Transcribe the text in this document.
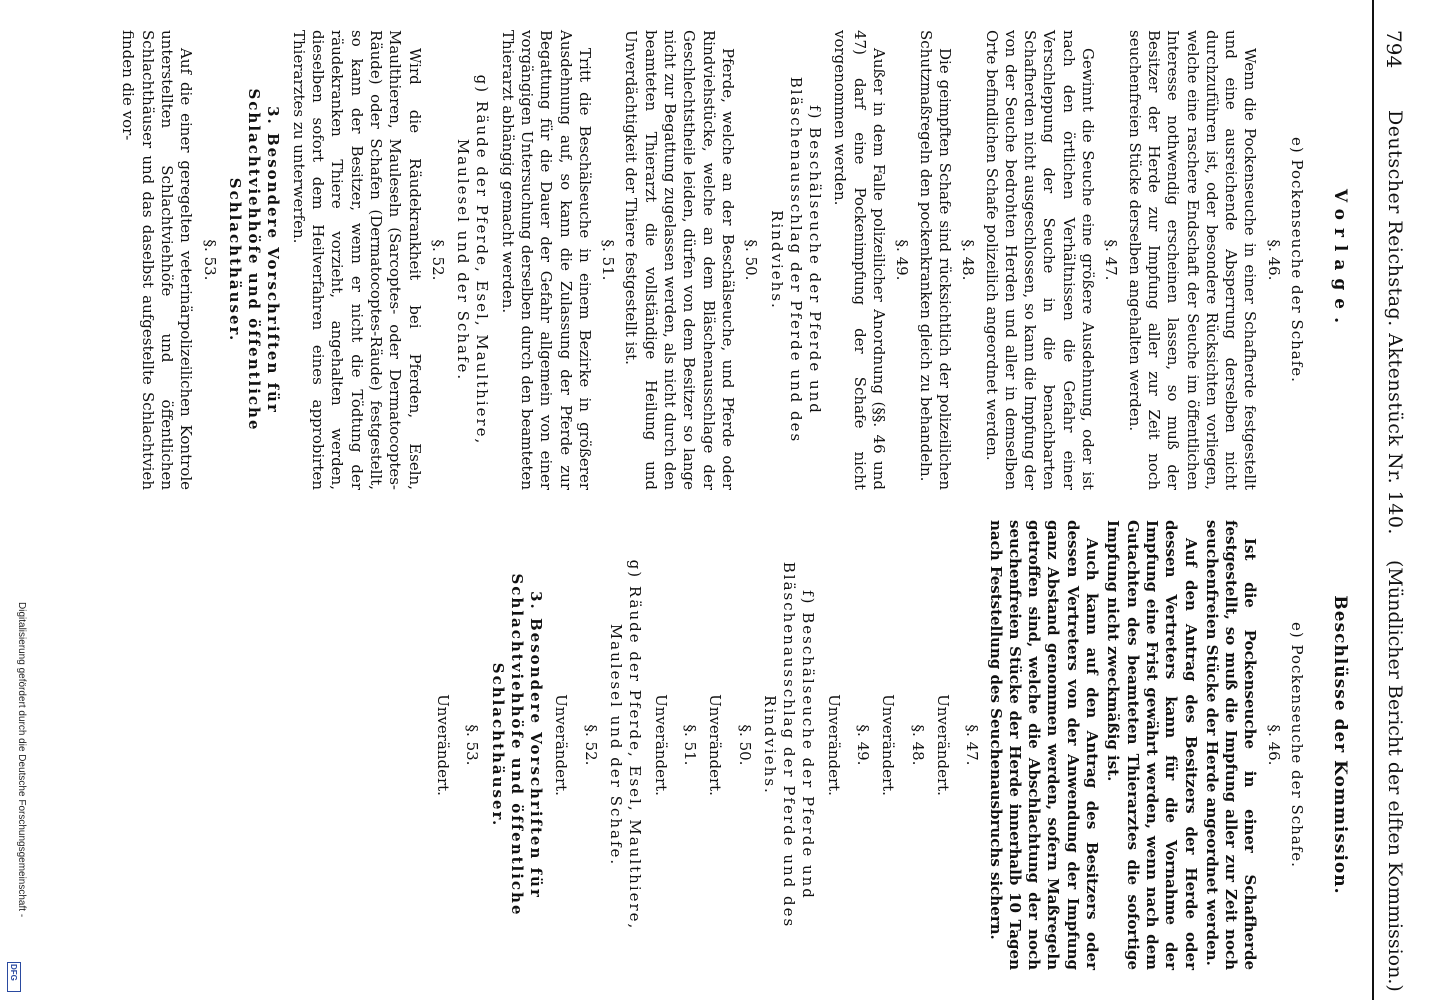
794
Deutscher Reichstag. Aktenstück Nr. 140.
(Mündlicher Bericht der elften Kommission.)
Vorlage.
e) Pockenseuche der Schafe.
§. 46.

Wenn die Pockenseuche in einer Schafherde festgestellt und eine ausreichende Absperrung derselben nicht durchzuführen ist, oder besondere Rücksichten vorliegen, welche eine raschere Endschaft der Seuche im öffentlichen Interesse nothwendig erscheinen lassen, so muß der Besitzer der Herde zur Impfung aller zur Zeit noch seuchenfreien Stücke derselben angehalten werden.

§. 47.

Gewinnt die Seuche eine größere Ausdehnung, oder ist nach den örtlichen Verhältnissen die Gefahr einer Verschleppung der Seuche in die benachbarten Schafherden nicht ausgeschlossen, so kann die Impfung der von der Seuche bedrohten Herden und aller in demselben Orte befindlichen Schafe polizeilich angeordnet werden.

§. 48.

Die geimpften Schafe sind rücksichtlich der polizeilichen Schutzmaßregeln den pockenkranken gleich zu behandeln.

§. 49.

Außer in dem Falle polizeilicher Anordnung (§§. 46 und 47) darf eine Pockenimpfung der Schafe nicht vorgenommen werden.

f) Beschälseuche der Pferde und Bläschenausschlag der Pferde und des Rindviehs.
§. 50.

Pferde, welche an der Beschälseuche, und Pferde oder Rindviehstücke, welche an dem Bläschenausschlage der Geschlechtstheile leiden, dürfen von dem Besitzer so lange nicht zur Begattung zugelassen werden, als nicht durch den beamteten Thierarzt die vollständige Heilung und Unverdächtigkeit der Thiere festgestellt ist.

§. 51.

Tritt die Beschälseuche in einem Bezirke in größerer Ausdehnung auf, so kann die Zulassung der Pferde zur Begattung für die Dauer der Gefahr allgemein von einer vorgängigen Untersuchung derselben durch den beamteten Thierarzt abhängig gemacht werden.

g) Räude der Pferde, Esel, Maulthiere, Maulesel und der Schafe.
§. 52.

Wird die Räudekrankheit bei Pferden, Eseln, Maulthieren, Mauleseln (Sarcoptes- oder Dermatocoptes-Räude) oder Schafen (Dermatocoptes-Räude) festgestellt, so kann der Besitzer, wenn er nicht die Tödtung der räudekranken Thiere vorzieht, angehalten werden, dieselben sofort dem Heilverfahren eines approbirten Thierarztes zu unterwerfen.

3. Besondere Vorschriften für Schlachtviehhöfe und öffentliche Schlachthäuser.
§. 53.

Auf die einer geregelten veterinärpolizeilichen Kontrole unterstellten Schlachtviehhöfe und öffentlichen Schlachthäuser und das daselbst aufgestellte Schlachtvieh finden die vor-

Beschlüsse der Kommission.
e) Pockenseuche der Schafe.
§. 46.

Ist die Pockenseuche in einer Schafherde festgestellt, so muß die Impfung aller zur Zeit noch seuchenfreien Stücke der Herde angeordnet werden.

Auf den Antrag des Besitzers der Herde oder dessen Vertreters kann für die Vornahme der Impfung eine Frist gewährt werden, wenn nach dem Gutachten des beamteten Thierarztes die sofortige Impfung nicht zweckmäßig ist.

Auch kann auf den Antrag des Besitzers oder dessen Vertreters von der Anwendung der Impfung ganz Abstand genommen werden, sofern Maßregeln getroffen sind, welche die Abschlachtung der noch seuchenfreien Stücke der Herde innerhalb 10 Tagen nach Feststellung des Seuchenausbruchs sichern.

§. 47.
Unverändert.
§. 48.
Unverändert.
§. 49.
Unverändert.
f) Beschälseuche der Pferde und Bläschenausschlag der Pferde und des Rindviehs.
§. 50.
Unverändert.
§. 51.
Unverändert.
g) Räude der Pferde, Esel, Maulthiere, Maulesel und der Schafe.
§. 52.
Unverändert.
3. Besondere Vorschriften für Schlachtviehhöfe und öffentliche Schlachthäuser.
§. 53.
Unverändert.
Digitalisierung gefördert durch die Deutsche Forschungsgemeinschaft -
DFG
